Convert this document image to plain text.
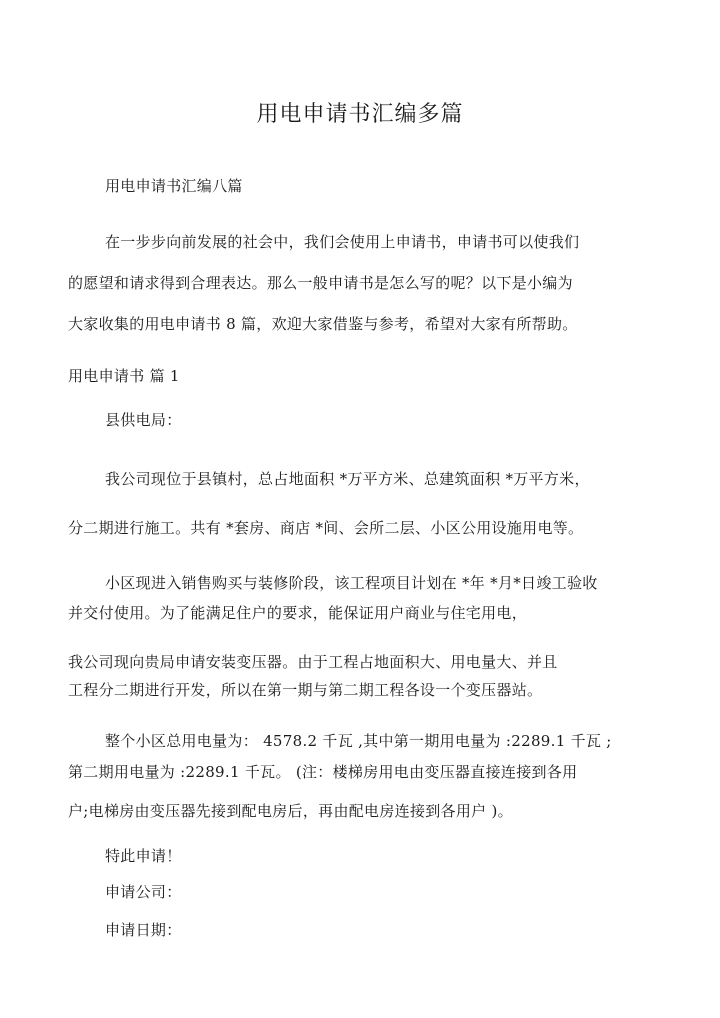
用电申请书汇编多篇
用电申请书汇编八篇
在一步步向前发展的社会中，我们会使用上申请书，申请书可以使我们
的愿望和请求得到合理表达。那么一般申请书是怎么写的呢？以下是小编为
大家收集的用电申请书 8 篇，欢迎大家借鉴与参考，希望对大家有所帮助。
用电申请书 篇 1
县供电局：
我公司现位于县镇村，总占地面积 *万平方米、总建筑面积 *万平方米，
分二期进行施工。共有 *套房、商店 *间、会所二层、小区公用设施用电等。
小区现进入销售购买与装修阶段，该工程项目计划在 *年 *月*日竣工验收
并交付使用。为了能满足住户的要求，能保证用户商业与住宅用电，
我公司现向贵局申请安装变压器。由于工程占地面积大、用电量大、并且
工程分二期进行开发，所以在第一期与第二期工程各设一个变压器站。
整个小区总用电量为： 4578.2 千瓦 ,其中第一期用电量为 :2289.1 千瓦 ;
第二期用电量为 :2289.1 千瓦。 (注：楼梯房用电由变压器直接连接到各用
户;电梯房由变压器先接到配电房后，再由配电房连接到各用户 )。
特此申请！
申请公司：
申请日期：
